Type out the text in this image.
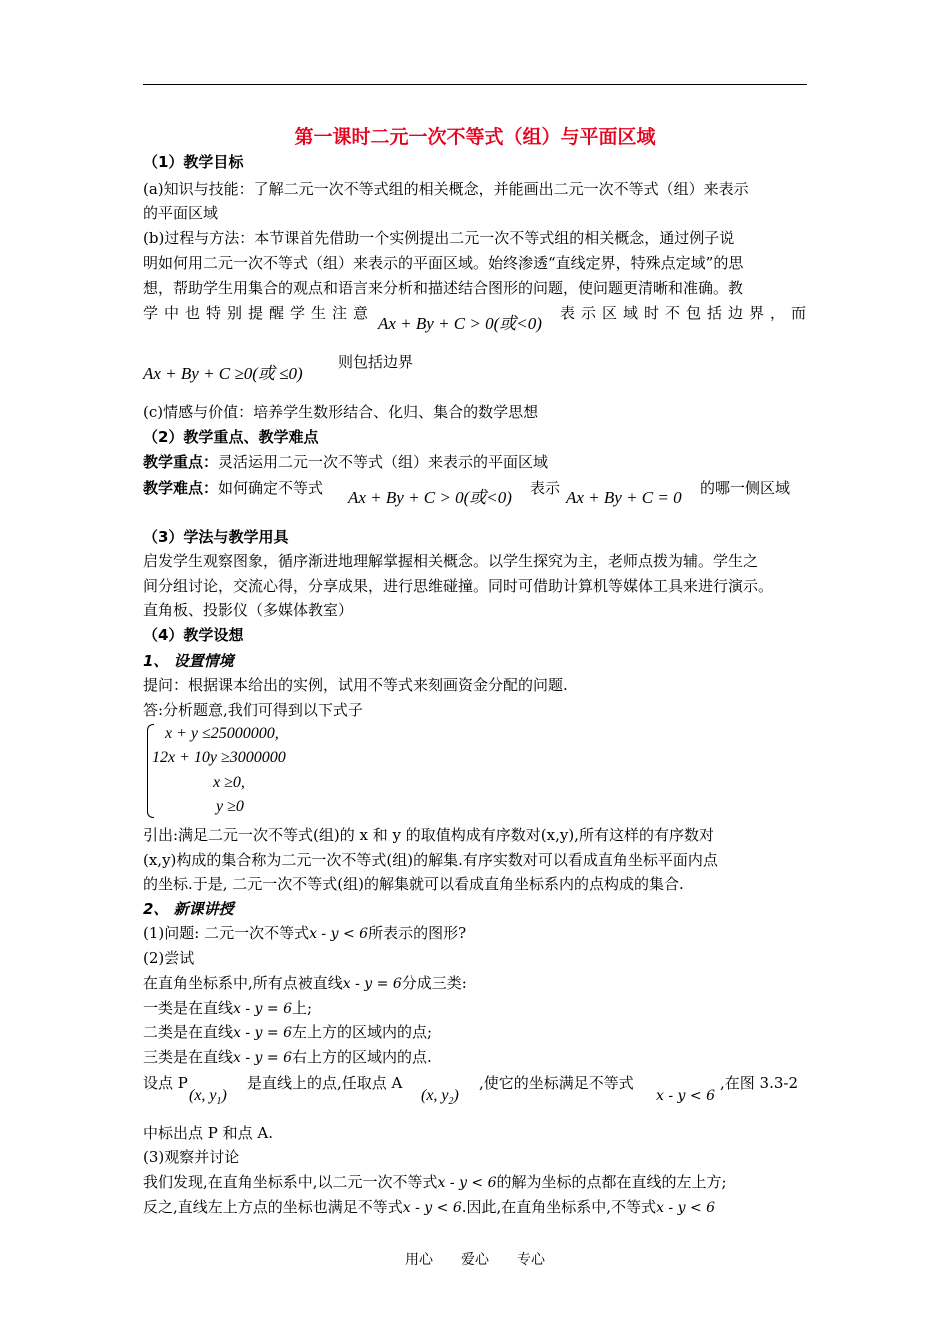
第一课时二元一次不等式（组）与平面区域
（1）教学目标
(a)知识与技能：了解二元一次不等式组的相关概念，并能画出二元一次不等式（组）来表示
的平面区域
(b)过程与方法：本节课首先借助一个实例提出二元一次不等式组的相关概念，通过例子说
明如何用二元一次不等式（组）来表示的平面区域。始终渗透“直线定界，特殊点定域”的思
想，帮助学生用集合的观点和语言来分析和描述结合图形的问题，使问题更清晰和准确。教
学中也特别提醒学生注意
Ax + By + C > 0(或<0)
表示区域时不包括边界，而
Ax + By + C ≥0(或 ≤0)
则包括边界
(c)情感与价值：培养学生数形结合、化归、集合的数学思想
（2）教学重点、教学难点
教学重点：灵活运用二元一次不等式（组）来表示的平面区域
教学难点：如何确定不等式 Ax + By + C > 0(或<0) 表示 Ax + By + C = 0 的哪一侧区域
（3）学法与教学用具
启发学生观察图象，循序渐进地理解掌握相关概念。以学生探究为主，老师点拨为辅。学生之
间分组讨论，交流心得，分享成果，进行思维碰撞。同时可借助计算机等媒体工具来进行演示。
直角板、投影仪（多媒体教室）
（4）教学设想
1、 设置情境
提问：根据课本给出的实例，试用不等式来刻画资金分配的问题.
答:分析题意,我们可得到以下式子
x + y ≤25000000,
12x + 10y ≥3000000
x ≥0,
y ≥0
引出:满足二元一次不等式(组)的 x 和 y 的取值构成有序数对(x,y),所有这样的有序数对
(x,y)构成的集合称为二元一次不等式(组)的解集.有序实数对可以看成直角坐标平面内点
的坐标.于是, 二元一次不等式(组)的解集就可以看成直角坐标系内的点构成的集合.
2、 新课讲授
(1)问题: 二元一次不等式x - y < 6所表示的图形?
(2)尝试
在直角坐标系中,所有点被直线x - y = 6分成三类:
一类是在直线x - y = 6上;
二类是在直线x - y = 6左上方的区域内的点;
三类是在直线x - y = 6右上方的区域内的点.
设点 P
(x, $y_1$)
是直线上的点,任取点 A
(x, $y_2$)
,使它的坐标满足不等式
x - y < 6
,在图 3.3-2
中标出点 P 和点 A.
(3)观察并讨论
我们发现,在直角坐标系中,以二元一次不等式x - y < 6的解为坐标的点都在直线的左上方;
反之,直线左上方点的坐标也满足不等式x - y < 6.因此,在直角坐标系中,不等式x - y < 6
用心 爱心 专心
